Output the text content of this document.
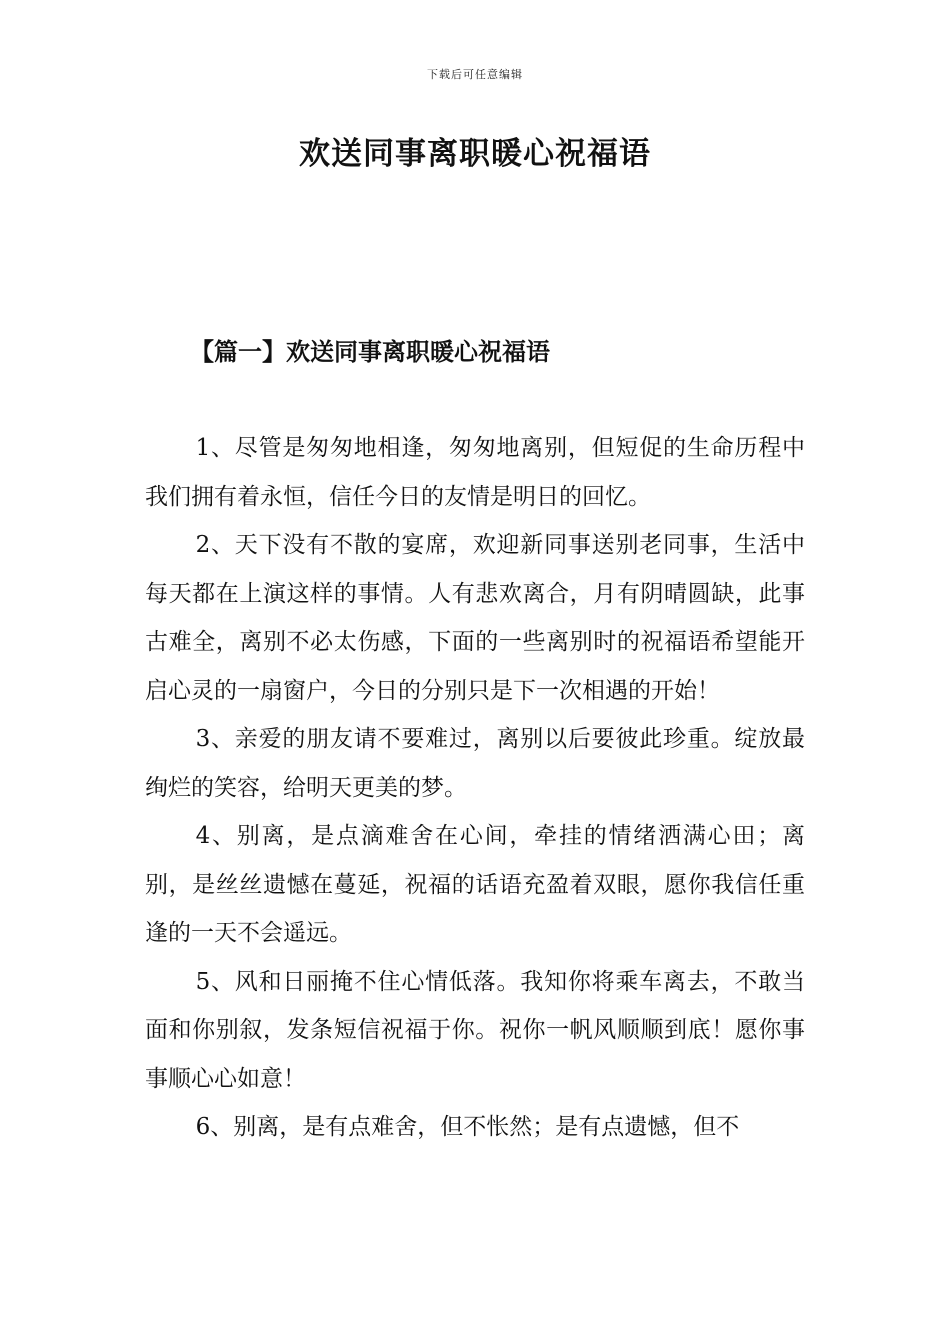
下载后可任意编辑
欢送同事离职暖心祝福语
【篇一】欢送同事离职暖心祝福语

1、尽管是匆匆地相逢，匆匆地离别，但短促的生命历程中我们拥有着永恒，信任今日的友情是明日的回忆。

2、天下没有不散的宴席，欢迎新同事送别老同事，生活中每天都在上演这样的事情。人有悲欢离合，月有阴晴圆缺，此事古难全，离别不必太伤感，下面的一些离别时的祝福语希望能开启心灵的一扇窗户，今日的分别只是下一次相遇的开始！

3、亲爱的朋友请不要难过，离别以后要彼此珍重。绽放最绚烂的笑容，给明天更美的梦。

4、别离，是点滴难舍在心间，牵挂的情绪洒满心田；离别，是丝丝遗憾在蔓延，祝福的话语充盈着双眼，愿你我信任重逢的一天不会遥远。

5、风和日丽掩不住心情低落。我知你将乘车离去，不敢当面和你别叙，发条短信祝福于你。祝你一帆风顺顺到底！愿你事事顺心心如意！

6、别离，是有点难舍，但不怅然；是有点遗憾，但不
